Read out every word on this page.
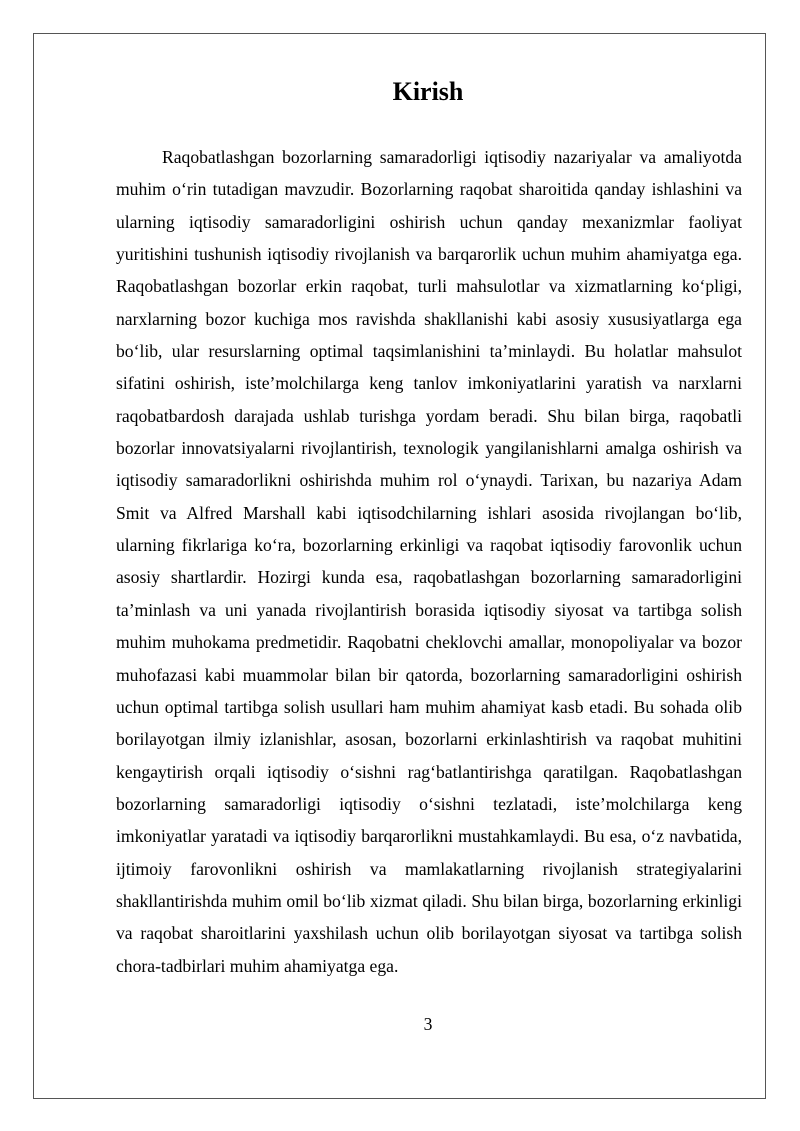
Kirish

Raqobatlashgan bozorlarning samaradorligi iqtisodiy nazariyalar va amaliyotda muhim o‘rin tutadigan mavzudir. Bozorlarning raqobat sharoitida qanday ishlashini va ularning iqtisodiy samaradorligini oshirish uchun qanday mexanizmlar faoliyat yuritishini tushunish iqtisodiy rivojlanish va barqarorlik uchun muhim ahamiyatga ega. Raqobatlashgan bozorlar erkin raqobat, turli mahsulotlar va xizmatlarning ko‘pligi, narxlarning bozor kuchiga mos ravishda shakllanishi kabi asosiy xususiyatlarga ega bo‘lib, ular resurslarning optimal taqsimlanishini ta’minlaydi. Bu holatlar mahsulot sifatini oshirish, iste’molchilarga keng tanlov imkoniyatlarini yaratish va narxlarni raqobatbardosh darajada ushlab turishga yordam beradi. Shu bilan birga, raqobatli bozorlar innovatsiyalarni rivojlantirish, texnologik yangilanishlarni amalga oshirish va iqtisodiy samaradorlikni oshirishda muhim rol o‘ynaydi. Tarixan, bu nazariya Adam Smit va Alfred Marshall kabi iqtisodchilarning ishlari asosida rivojlangan bo‘lib, ularning fikrlariga ko‘ra, bozorlarning erkinligi va raqobat iqtisodiy farovonlik uchun asosiy shartlardir. Hozirgi kunda esa, raqobatlashgan bozorlarning samaradorligini ta’minlash va uni yanada rivojlantirish borasida iqtisodiy siyosat va tartibga solish muhim muhokama predmetidir. Raqobatni cheklovchi amallar, monopoliyalar va bozor muhofazasi kabi muammolar bilan bir qatorda, bozorlarning samaradorligini oshirish uchun optimal tartibga solish usullari ham muhim ahamiyat kasb etadi. Bu sohada olib borilayotgan ilmiy izlanishlar, asosan, bozorlarni erkinlashtirish va raqobat muhitini kengaytirish orqali iqtisodiy o‘sishni rag‘batlantirishga qaratilgan. Raqobatlashgan bozorlarning samaradorligi iqtisodiy o‘sishni tezlatadi, iste’molchilarga keng imkoniyatlar yaratadi va iqtisodiy barqarorlikni mustahkamlaydi. Bu esa, o‘z navbatida, ijtimoiy farovonlikni oshirish va mamlakatlarning rivojlanish strategiyalarini shakllantirishda muhim omil bo‘lib xizmat qiladi. Shu bilan birga, bozorlarning erkinligi va raqobat sharoitlarini yaxshilash uchun olib borilayotgan siyosat va tartibga solish chora-tadbirlari muhim ahamiyatga ega.

3
